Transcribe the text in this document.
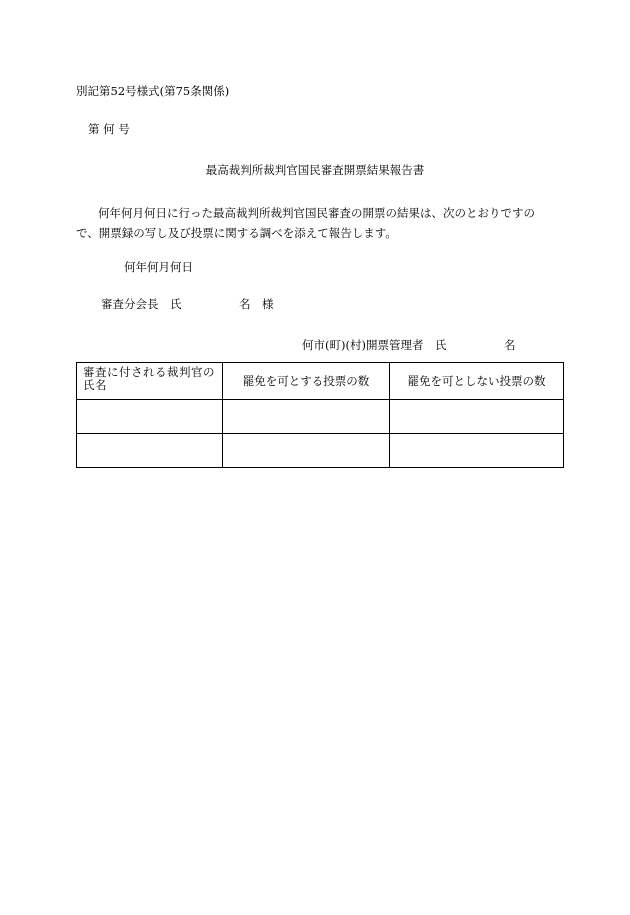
別記第52号様式(第75条関係)
第 何 号
最高裁判所裁判官国民審査開票結果報告書
何年何月何日に行った最高裁判所裁判官国民審査の開票の結果は、次のとおりですの
で、開票録の写し及び投票に関する調べを添えて報告します。
何年何月何日
審査分会長　氏　　　　　名　様
何市(町)(村)開票管理者　氏　　　　　名
審査に付される裁判官の氏名	罷免を可とする投票の数	罷免を可としない投票の数
